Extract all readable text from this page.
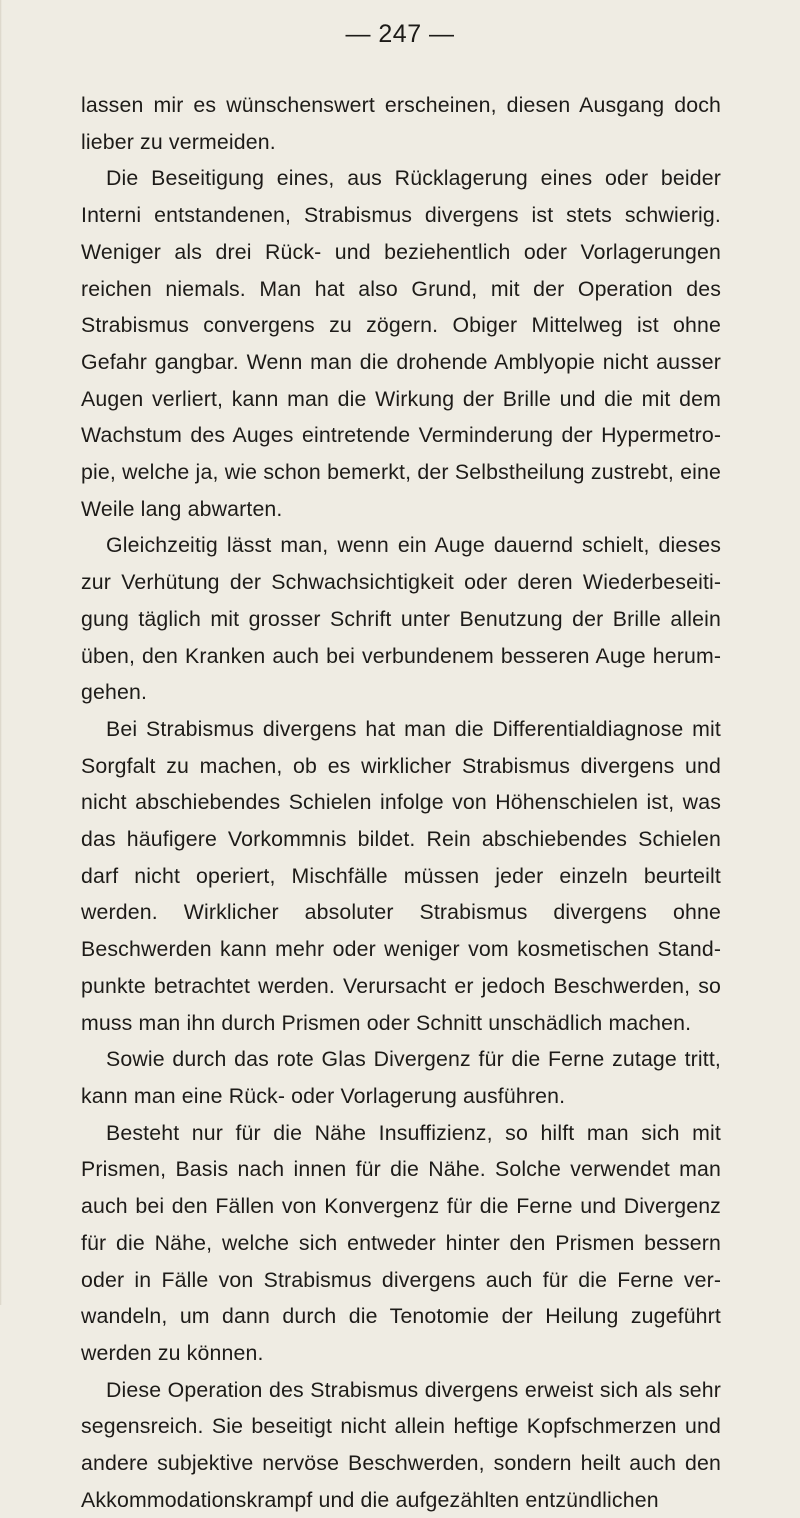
— 247 —

lassen mir es wünschenswert erscheinen, diesen Ausgang doch lieber zu vermeiden.

Die Beseitigung eines, aus Rücklagerung eines oder beider Interni entstandenen, Strabismus divergens ist stets schwierig. Weniger als drei Rück- und beziehentlich oder Vorlagerungen reichen niemals. Man hat also Grund, mit der Operation des Strabismus convergens zu zögern. Obiger Mittelweg ist ohne Gefahr gangbar. Wenn man die drohende Amblyopie nicht ausser Augen verliert, kann man die Wirkung der Brille und die mit dem Wachstum des Auges eintretende Verminderung der Hypermetropie, welche ja, wie schon bemerkt, der Selbstheilung zustrebt, eine Weile lang abwarten.

Gleichzeitig lässt man, wenn ein Auge dauernd schielt, dieses zur Verhütung der Schwachsichtigkeit oder deren Wiederbeseitigung täglich mit grosser Schrift unter Benutzung der Brille allein üben, den Kranken auch bei verbundenem besseren Auge herumgehen.

Bei Strabismus divergens hat man die Differentialdiagnose mit Sorgfalt zu machen, ob es wirklicher Strabismus divergens und nicht abschiebendes Schielen infolge von Höhenschielen ist, was das häufigere Vorkommnis bildet. Rein abschiebendes Schielen darf nicht operiert, Mischfälle müssen jeder einzeln beurteilt werden. Wirklicher absoluter Strabismus divergens ohne Beschwerden kann mehr oder weniger vom kosmetischen Standpunkte betrachtet werden. Verursacht er jedoch Beschwerden, so muss man ihn durch Prismen oder Schnitt unschädlich machen.

Sowie durch das rote Glas Divergenz für die Ferne zutage tritt, kann man eine Rück- oder Vorlagerung ausführen.

Besteht nur für die Nähe Insuffizienz, so hilft man sich mit Prismen, Basis nach innen für die Nähe. Solche verwendet man auch bei den Fällen von Konvergenz für die Ferne und Divergenz für die Nähe, welche sich entweder hinter den Prismen bessern oder in Fälle von Strabismus divergens auch für die Ferne verwandeln, um dann durch die Tenotomie der Heilung zugeführt werden zu können.

Diese Operation des Strabismus divergens erweist sich als sehr segensreich. Sie beseitigt nicht allein heftige Kopfschmerzen und andere subjektive nervöse Beschwerden, sondern heilt auch den Akkommodationskrampf und die aufgezählten entzündlichen
